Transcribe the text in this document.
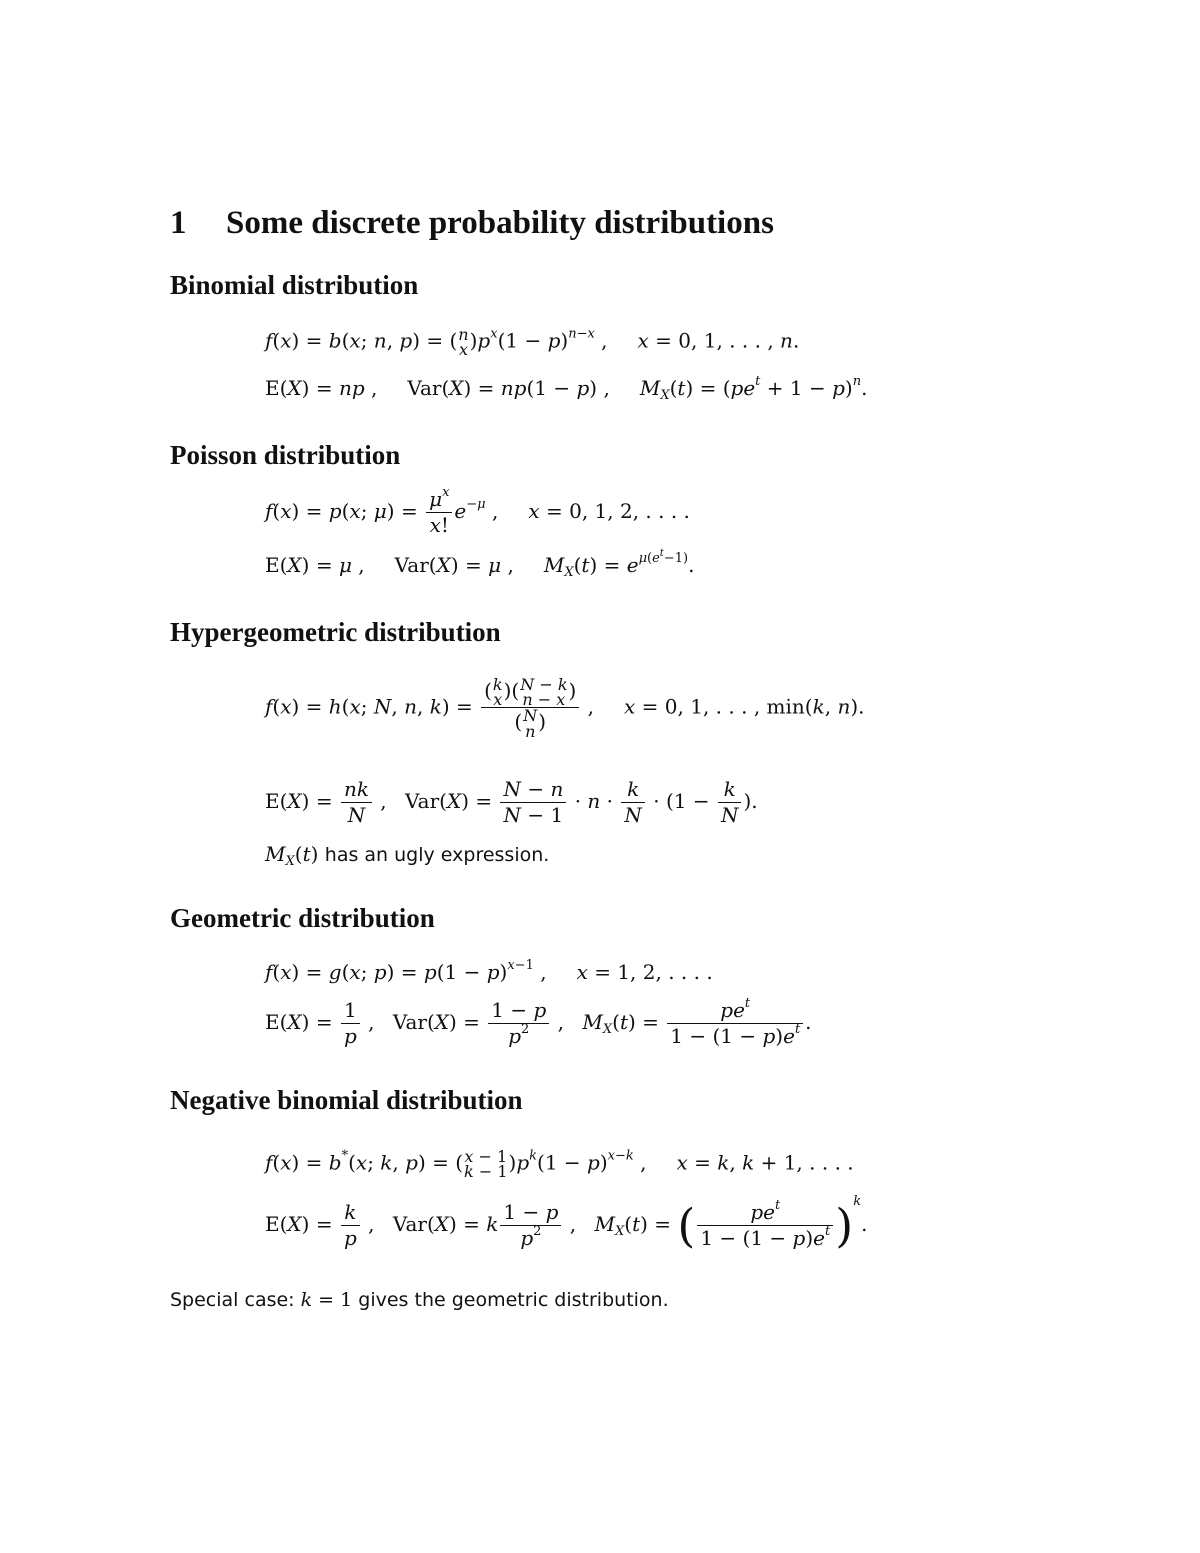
1 Some discrete probability distributions
Binomial distribution
f(x) = b(x; n, p) = ( n
x )$p^x(1 - p)^{n-x}$ , x = 0, 1, . . . , n.
E(X) = np , Var(X) = np(1 − p) , $M_X(t) = (pe^t + 1 - p)^n$.
Poisson distribution
f(x) = p(x; $\mu) = \frac{\mu^x}{x!} e^{-\mu}$ , x = 0, 1, 2, . . . .
E(X) = μ , Var(X) = μ , $M_X(t) = e^{\mu(e^t-1)}$.
Hypergeometric distribution
f(x) = h(x; N, n, k) = ( k
x )( N − k
n − x )
( N
n ) , x = 0, 1, . . . , min(k, n).
$E(X) = \frac{nk}{N}$ , $Var(X) = \frac{N - n}{N - 1} \cdot n \cdot \frac{k}{N} \cdot (1 - \frac{k}{N}$ ).
$M_X(t)$ has an ugly expression.
Geometric distribution
f(x) = g(x; $p) = p(1 - p)^{x-1}$ , x = 1, 2, . . . .
$E(X) = \frac{1}{p}$ , $Var(X) = \frac{1 - p}{p^2}$ , $M_X(t) = \frac{pe^t}{1 - (1 - p)e^t}$ .
Negative binomial distribution
f(x) = b*(x; k, p) = ( x − 1
k − 1 )$p^k(1 - p)^{x-k}$ , x = k, k + 1, . . . .
$E(X) = \frac{k}{p}$ , Var(X) = k $\frac{1 - p}{p^2}$ , $M_X(t)$ = ( $\frac{pe^t}{1 - (1 - p)e^t} )^k$.
Special case: k = 1 gives the geometric distribution.
